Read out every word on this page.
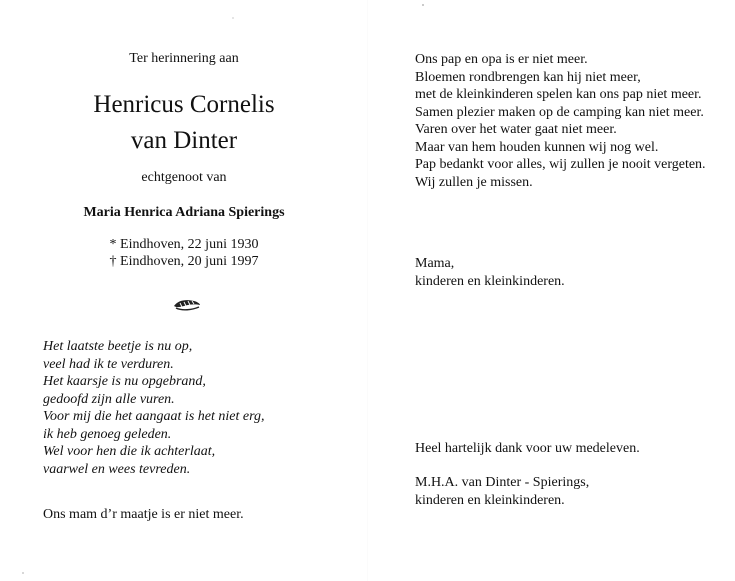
Ter herinnering aan
Henricus Cornelis
van Dinter
echtgenoot van
Maria Henrica Adriana Spierings
* Eindhoven, 22 juni 1930
† Eindhoven, 20 juni 1997
Het laatste beetje is nu op,
veel had ik te verduren.
Het kaarsje is nu opgebrand,
gedoofd zijn alle vuren.
Voor mij die het aangaat is het niet erg,
ik heb genoeg geleden.
Wel voor hen die ik achterlaat,
vaarwel en wees tevreden.
Ons mam d’r maatje is er niet meer.
Ons pap en opa is er niet meer.
Bloemen rondbrengen kan hij niet meer,
met de kleinkinderen spelen kan ons pap niet meer.
Samen plezier maken op de camping kan niet meer.
Varen over het water gaat niet meer.
Maar van hem houden kunnen wij nog wel.
Pap bedankt voor alles, wij zullen je nooit vergeten.
Wij zullen je missen.
Mama,
kinderen en kleinkinderen.
Heel hartelijk dank voor uw medeleven.
M.H.A. van Dinter - Spierings,
kinderen en kleinkinderen.
